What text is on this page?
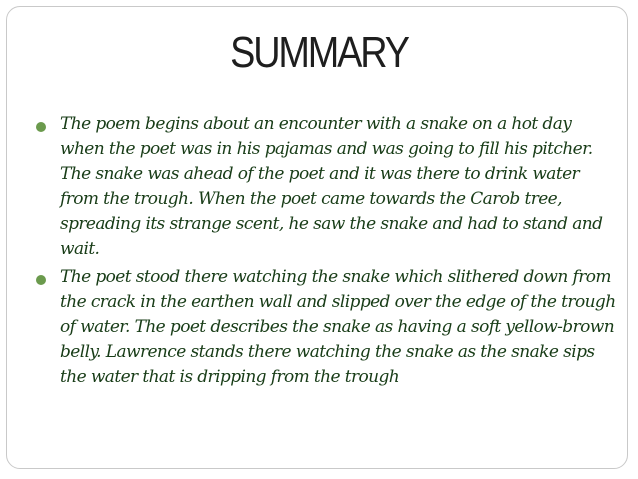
SUMMARY
The poem begins about an encounter with a snake on a hot day when the poet was in his pajamas and was going to fill his pitcher. The snake was ahead of the poet and it was there to drink water from the trough. When the poet came towards the Carob tree, spreading its strange scent, he saw the snake and had to stand and wait.
The poet stood there watching the snake which slithered down from the crack in the earthen wall and slipped over the edge of the trough of water. The poet describes the snake as having a soft yellow-brown belly. Lawrence stands there watching the snake as the snake sips the water that is dripping from the trough
